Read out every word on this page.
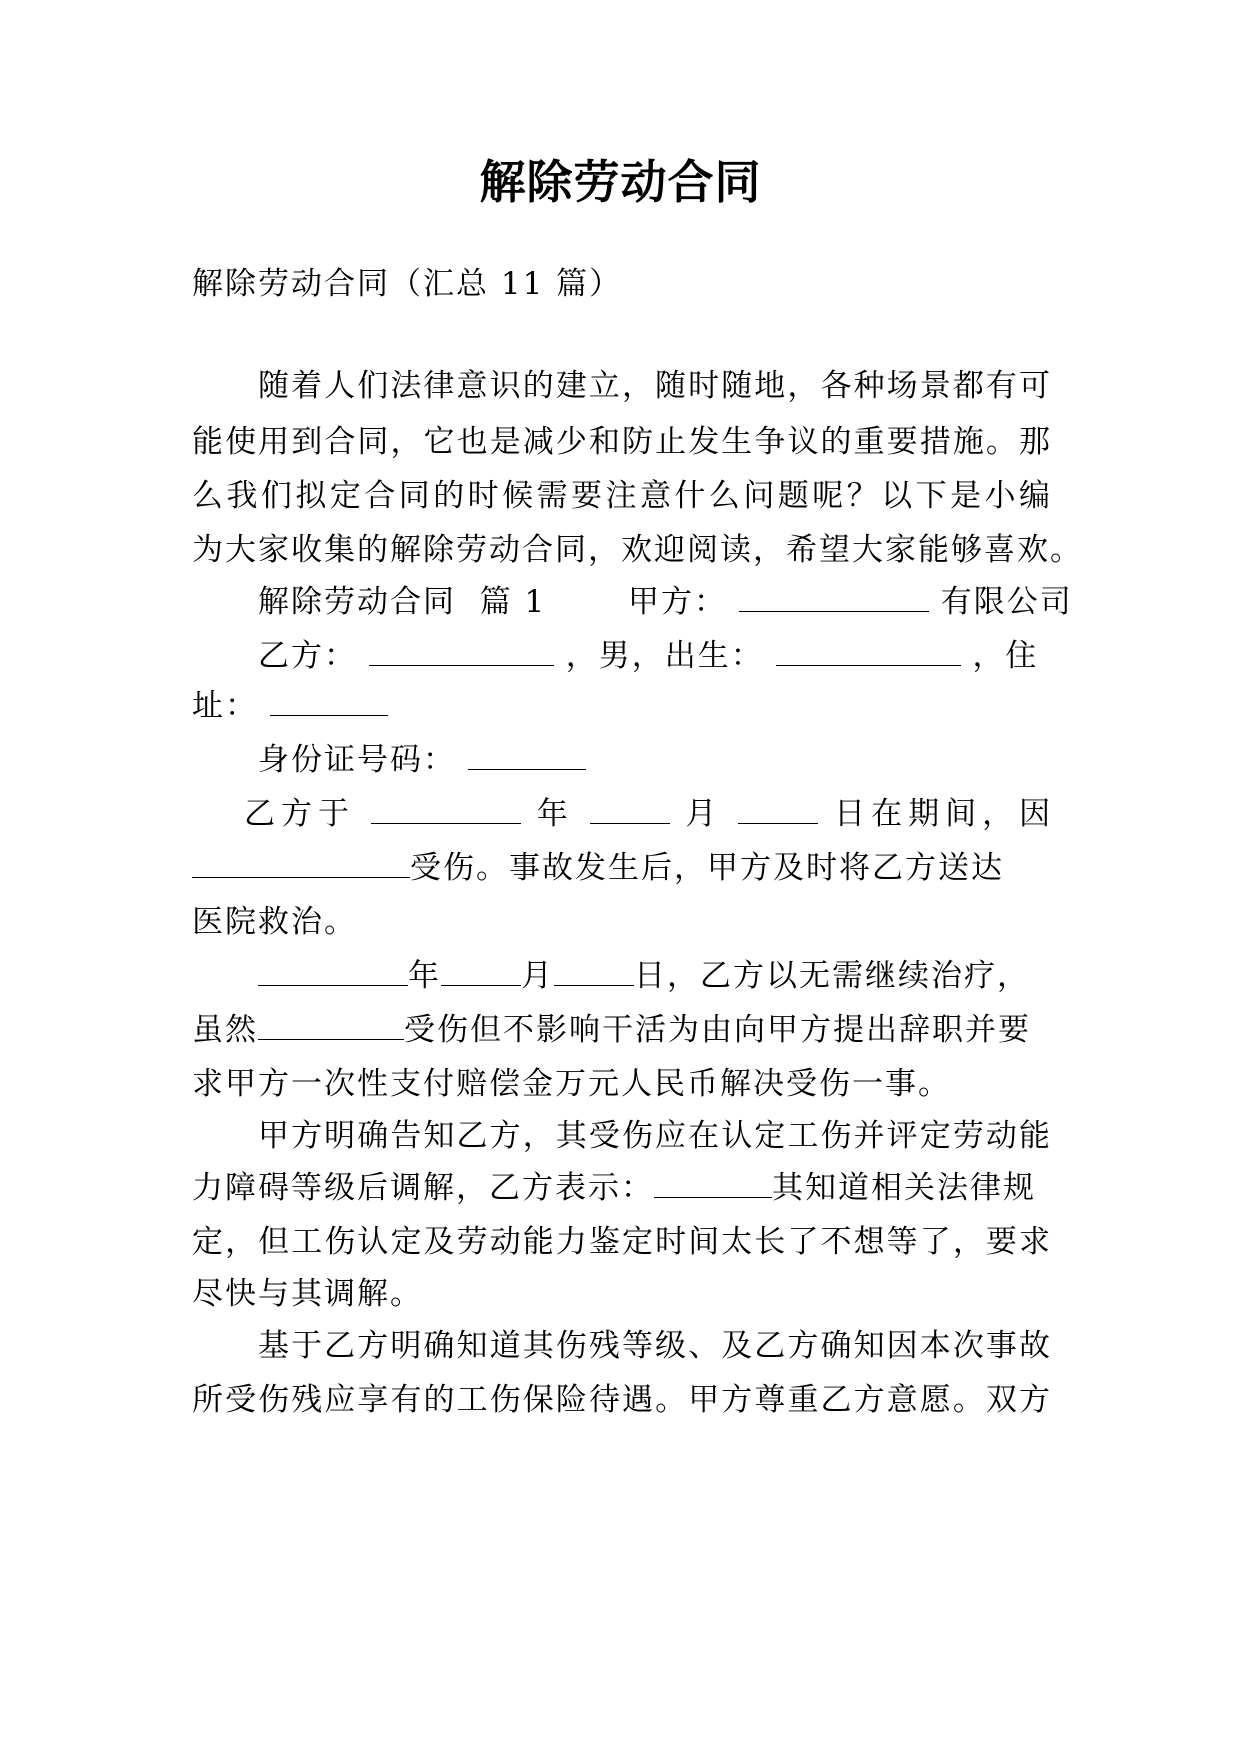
解除劳动合同
解除劳动合同（汇总 11 篇）
随着人们法律意识的建立，随时随地，各种场景都有可
能使用到合同，它也是减少和防止发生争议的重要措施。那
么我们拟定合同的时候需要注意什么问题呢？以下是小编
为大家收集的解除劳动合同，欢迎阅读，希望大家能够喜欢。
解除劳动合同  篇 1	甲方：	有限公司
乙方：	，男，出生：	，住
址：
身份证号码：
乙方于	年	月	日在期间，因
受伤。事故发生后，甲方及时将乙方送达
医院救治。
年	月	日，乙方以无需继续治疗，
虽然	受伤但不影响干活为由向甲方提出辞职并要
求甲方一次性支付赔偿金万元人民币解决受伤一事。
甲方明确告知乙方，其受伤应在认定工伤并评定劳动能
力障碍等级后调解，乙方表示：	其知道相关法律规
定，但工伤认定及劳动能力鉴定时间太长了不想等了，要求
尽快与其调解。
基于乙方明确知道其伤残等级、及乙方确知因本次事故
所受伤残应享有的工伤保险待遇。甲方尊重乙方意愿。双方
